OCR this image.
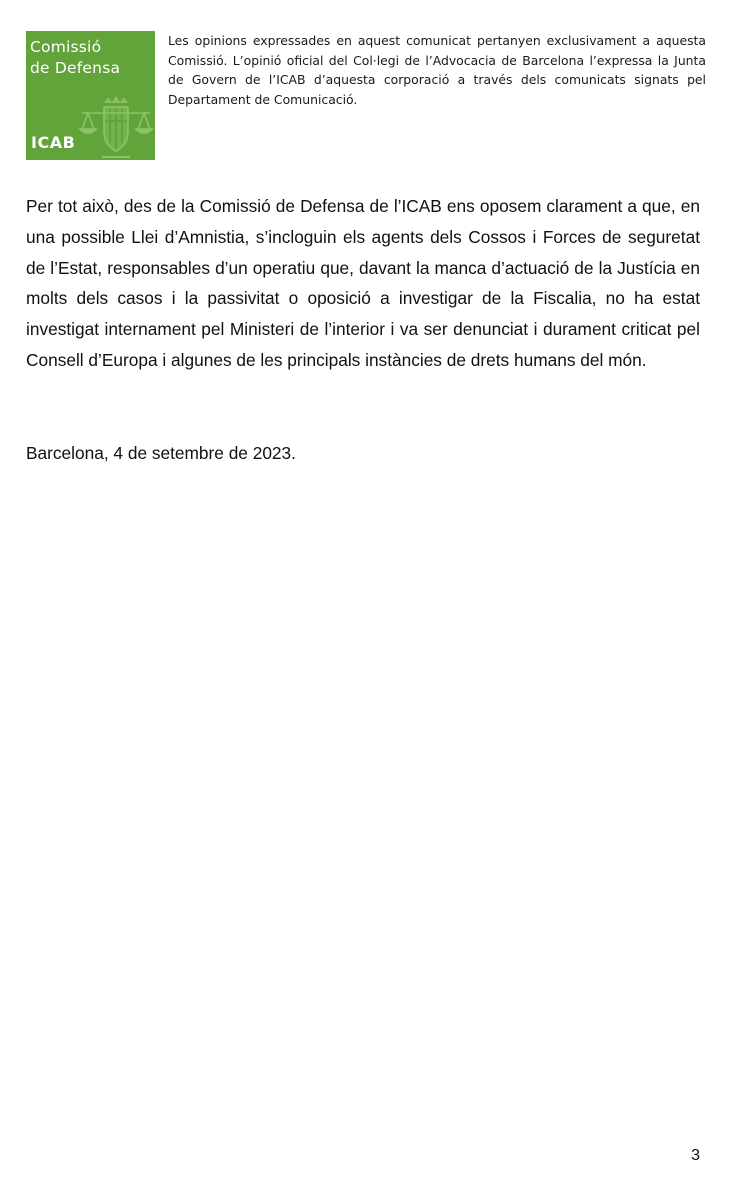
Comissió
de Defensa
ICAB
Les opinions expressades en aquest comunicat pertanyen exclusivament a aquesta Comissió. L’opinió oficial del Col·legi de l’Advocacia de Barcelona l’expressa la Junta de Govern de l’ICAB d’aquesta corporació a través dels comunicats signats pel Departament de Comunicació.

Per tot això, des de la Comissió de Defensa de l’ICAB ens oposem clarament a que, en una possible Llei d’Amnistia, s’incloguin els agents dels Cossos i Forces de seguretat de l’Estat, responsables d’un operatiu que, davant la manca d’actuació de la Justícia en molts dels casos i la passivitat o oposició a investigar de la Fiscalia, no ha estat investigat internament pel Ministeri de l’interior i va ser denunciat i durament criticat pel Consell d’Europa i algunes de les principals instàncies de drets humans del món.

Barcelona, 4 de setembre de 2023.

3
